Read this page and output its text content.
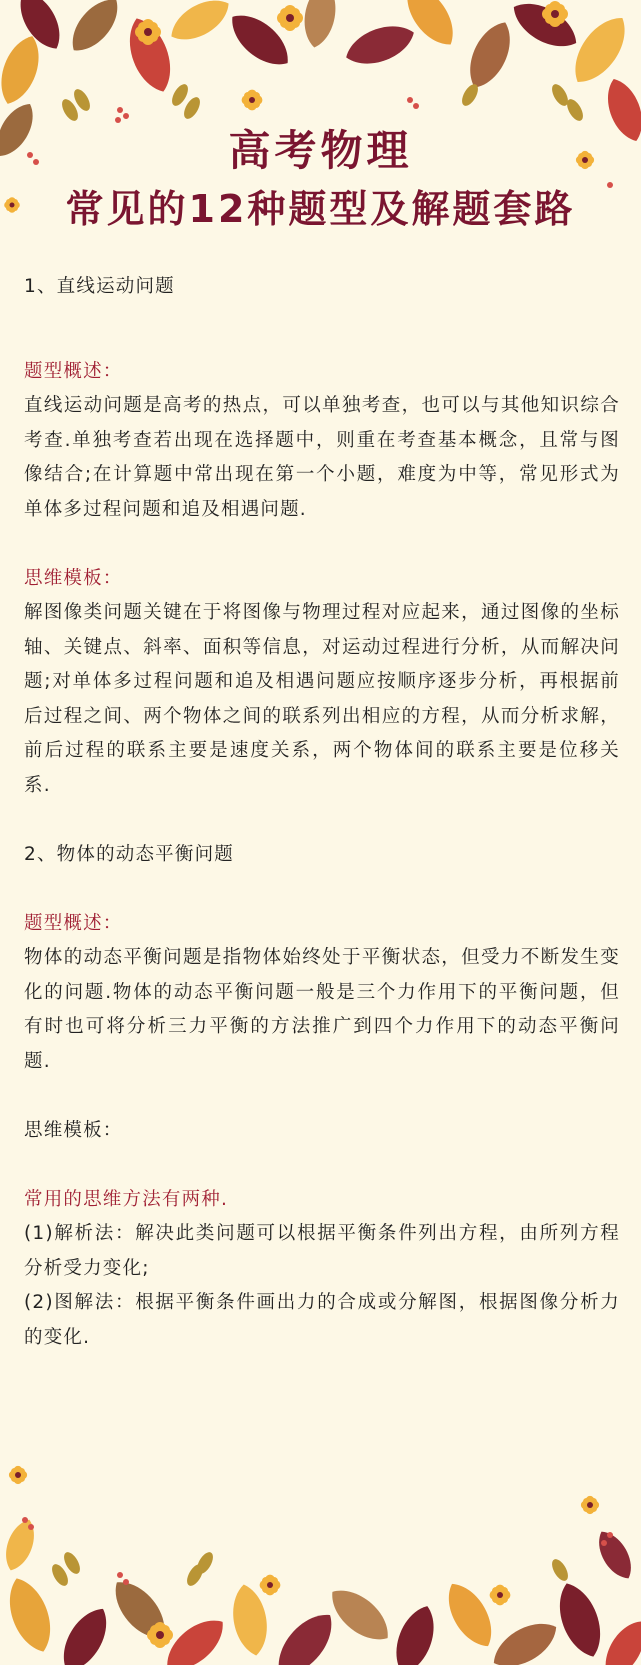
高考物理
常见的12种题型及解题套路

1、直线运动问题

题型概述：

直线运动问题是高考的热点，可以单独考查，也可以与其他知识综合考查.单独考查若出现在选择题中，则重在考查基本概念，且常与图像结合;在计算题中常出现在第一个小题，难度为中等，常见形式为单体多过程问题和追及相遇问题.

思维模板：

解图像类问题关键在于将图像与物理过程对应起来，通过图像的坐标轴、关键点、斜率、面积等信息，对运动过程进行分析，从而解决问题;对单体多过程问题和追及相遇问题应按顺序逐步分析，再根据前后过程之间、两个物体之间的联系列出相应的方程，从而分析求解，前后过程的联系主要是速度关系，两个物体间的联系主要是位移关系.

2、物体的动态平衡问题

题型概述：

物体的动态平衡问题是指物体始终处于平衡状态，但受力不断发生变化的问题.物体的动态平衡问题一般是三个力作用下的平衡问题，但有时也可将分析三力平衡的方法推广到四个力作用下的动态平衡问题.

思维模板：

常用的思维方法有两种.

(1)解析法：解决此类问题可以根据平衡条件列出方程，由所列方程分析受力变化;

(2)图解法：根据平衡条件画出力的合成或分解图，根据图像分析力的变化.
